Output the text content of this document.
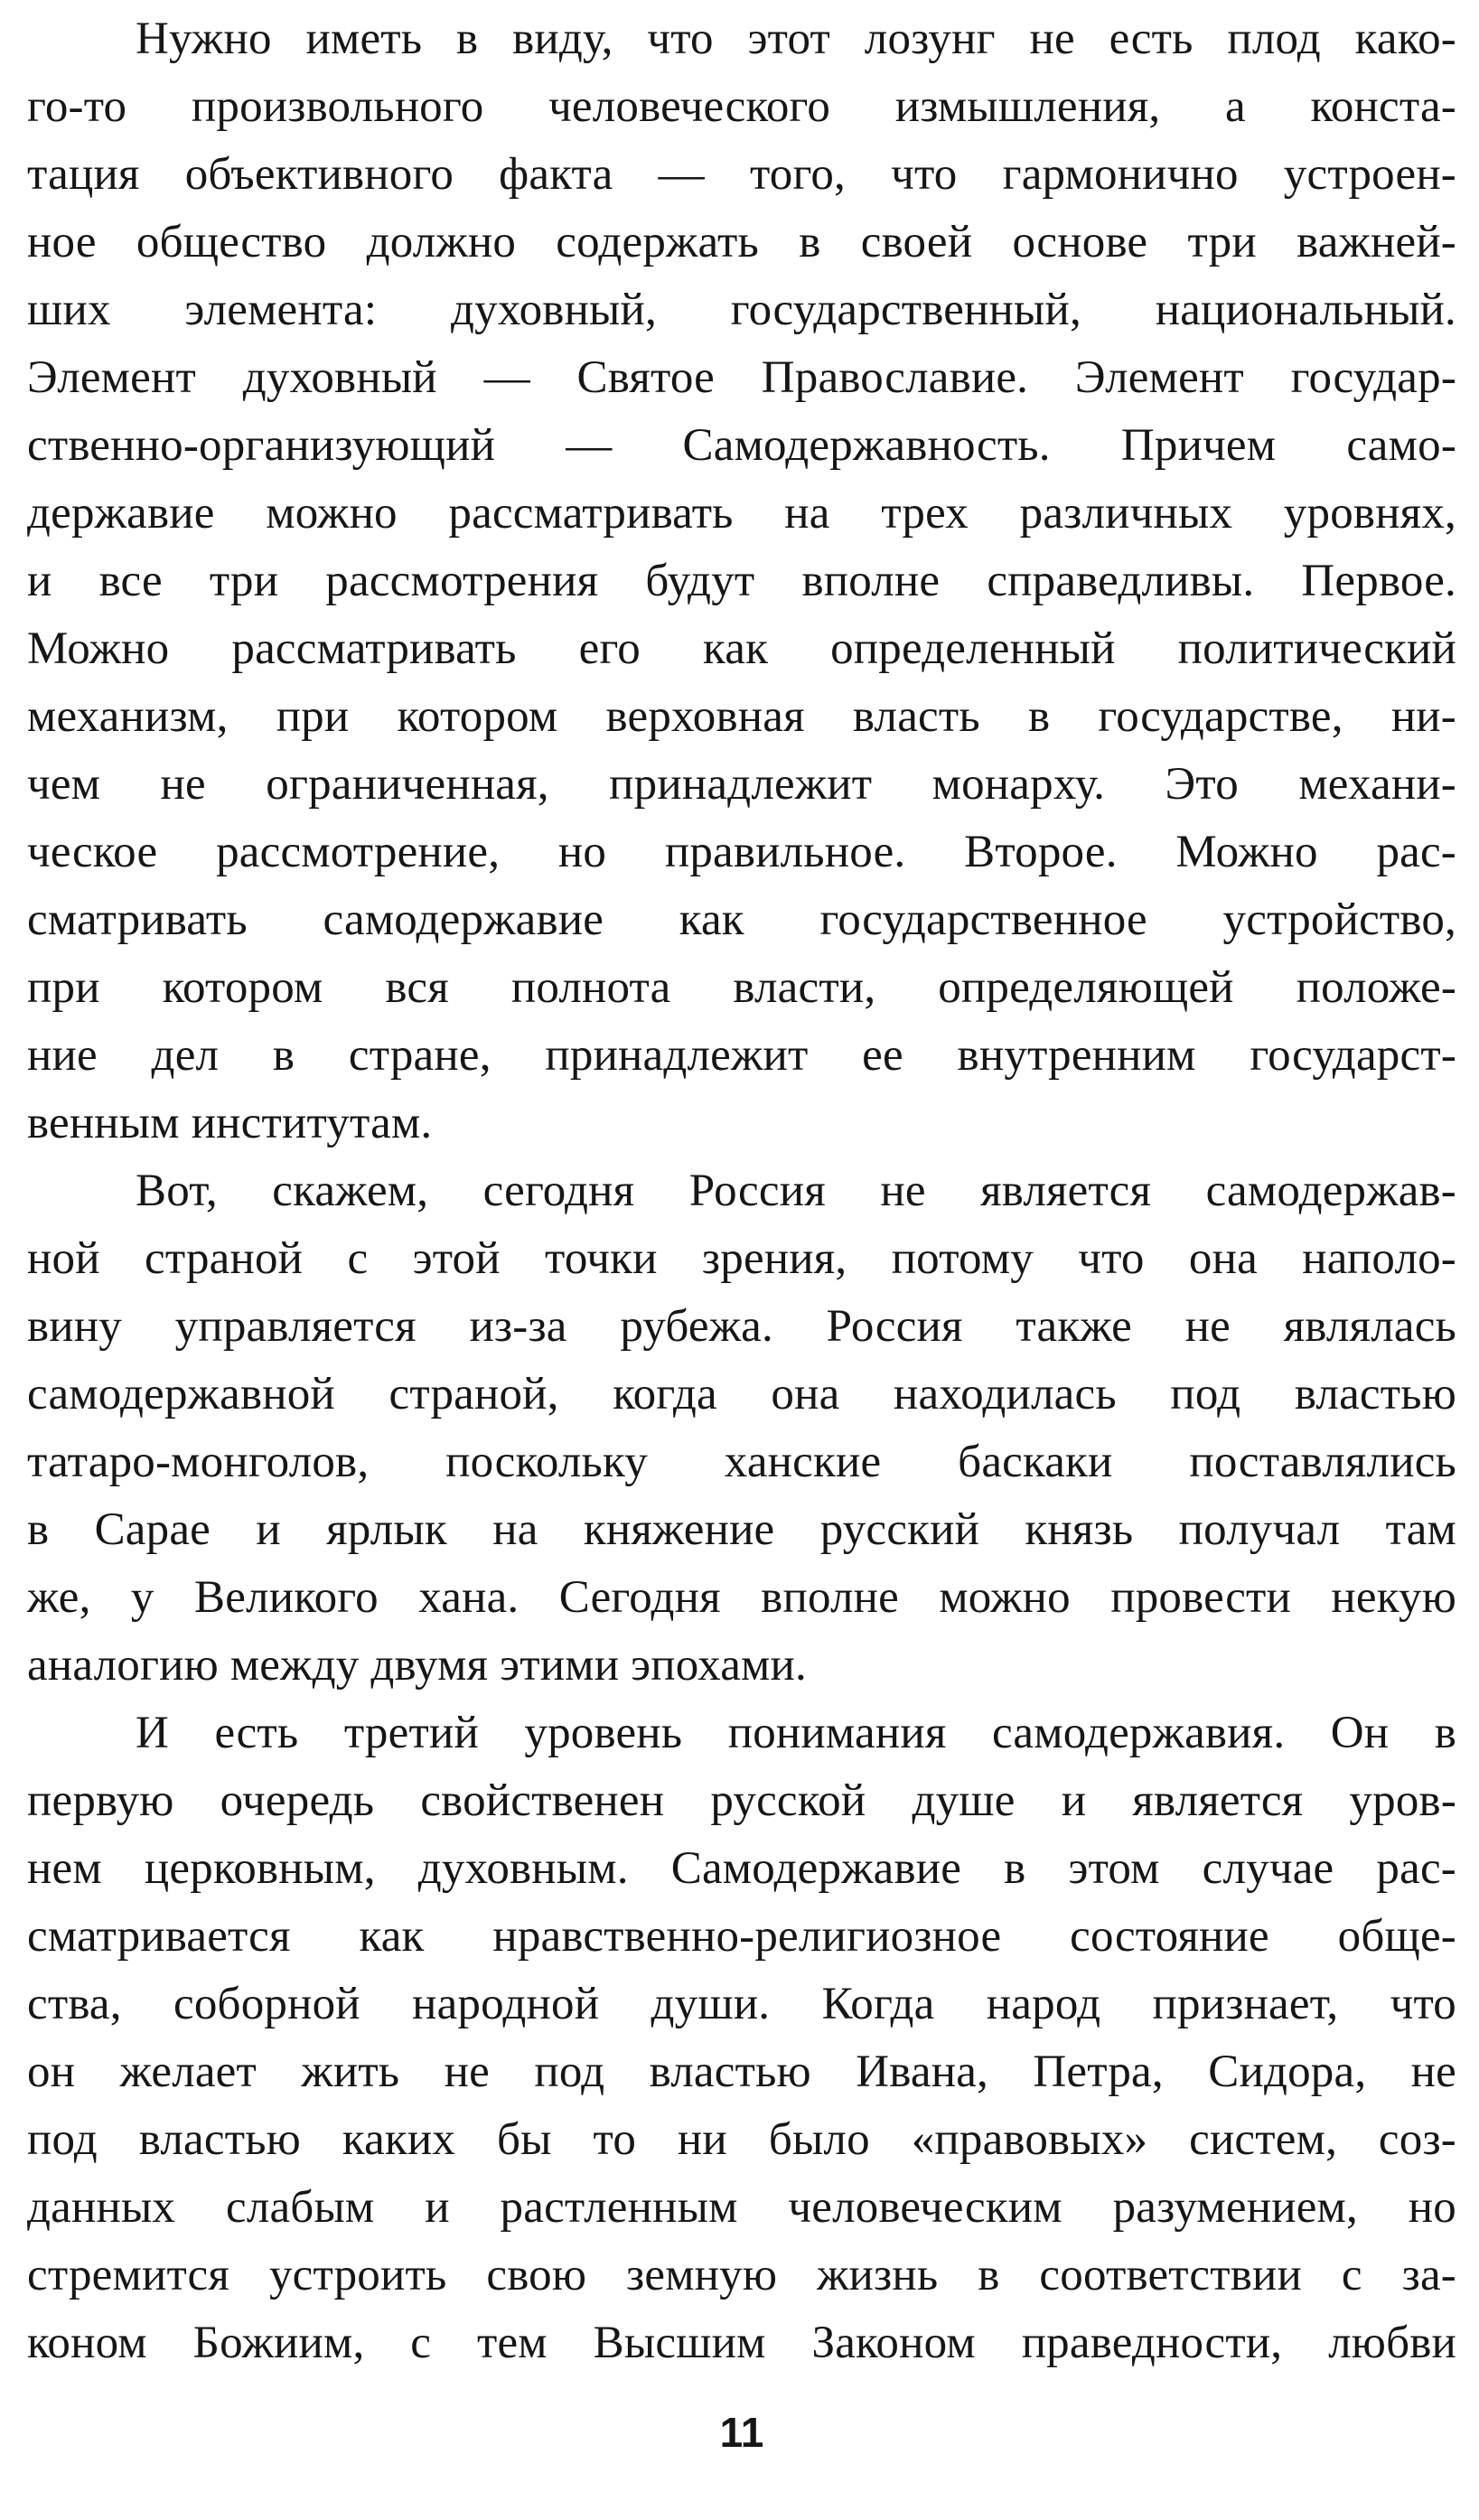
Нужно иметь в виду, что этот лозунг не есть плод како-
го-то произвольного человеческого измышления, а конста-
тация объективного факта — того, что гармонично устроен-
ное общество должно содержать в своей основе три важней-
ших элемента: духовный, государственный, национальный.
Элемент духовный — Святое Православие. Элемент государ-
ственно-организующий — Самодержавность. Причем само-
державие можно рассматривать на трех различных уровнях,
и все три рассмотрения будут вполне справедливы. Первое.
Можно рассматривать его как определенный политический
механизм, при котором верховная власть в государстве, ни-
чем не ограниченная, принадлежит монарху. Это механи-
ческое рассмотрение, но правильное. Второе. Можно рас-
сматривать самодержавие как государственное устройство,
при котором вся полнота власти, определяющей положе-
ние дел в стране, принадлежит ее внутренним государст-
венным институтам.
Вот, скажем, сегодня Россия не является самодержав-
ной страной с этой точки зрения, потому что она наполо-
вину управляется из-за рубежа. Россия также не являлась
самодержавной страной, когда она находилась под властью
татаро-монголов, поскольку ханские баскаки поставлялись
в Сарае и ярлык на княжение русский князь получал там
же, у Великого хана. Сегодня вполне можно провести некую
аналогию между двумя этими эпохами.
И есть третий уровень понимания самодержавия. Он в
первую очередь свойственен русской душе и является уров-
нем церковным, духовным. Самодержавие в этом случае рас-
сматривается как нравственно-религиозное состояние обще-
ства, соборной народной души. Когда народ признает, что
он желает жить не под властью Ивана, Петра, Сидора, не
под властью каких бы то ни было «правовых» систем, соз-
данных слабым и растленным человеческим разумением, но
стремится устроить свою земную жизнь в соответствии с за-
коном Божиим, с тем Высшим Законом праведности, любви
11
